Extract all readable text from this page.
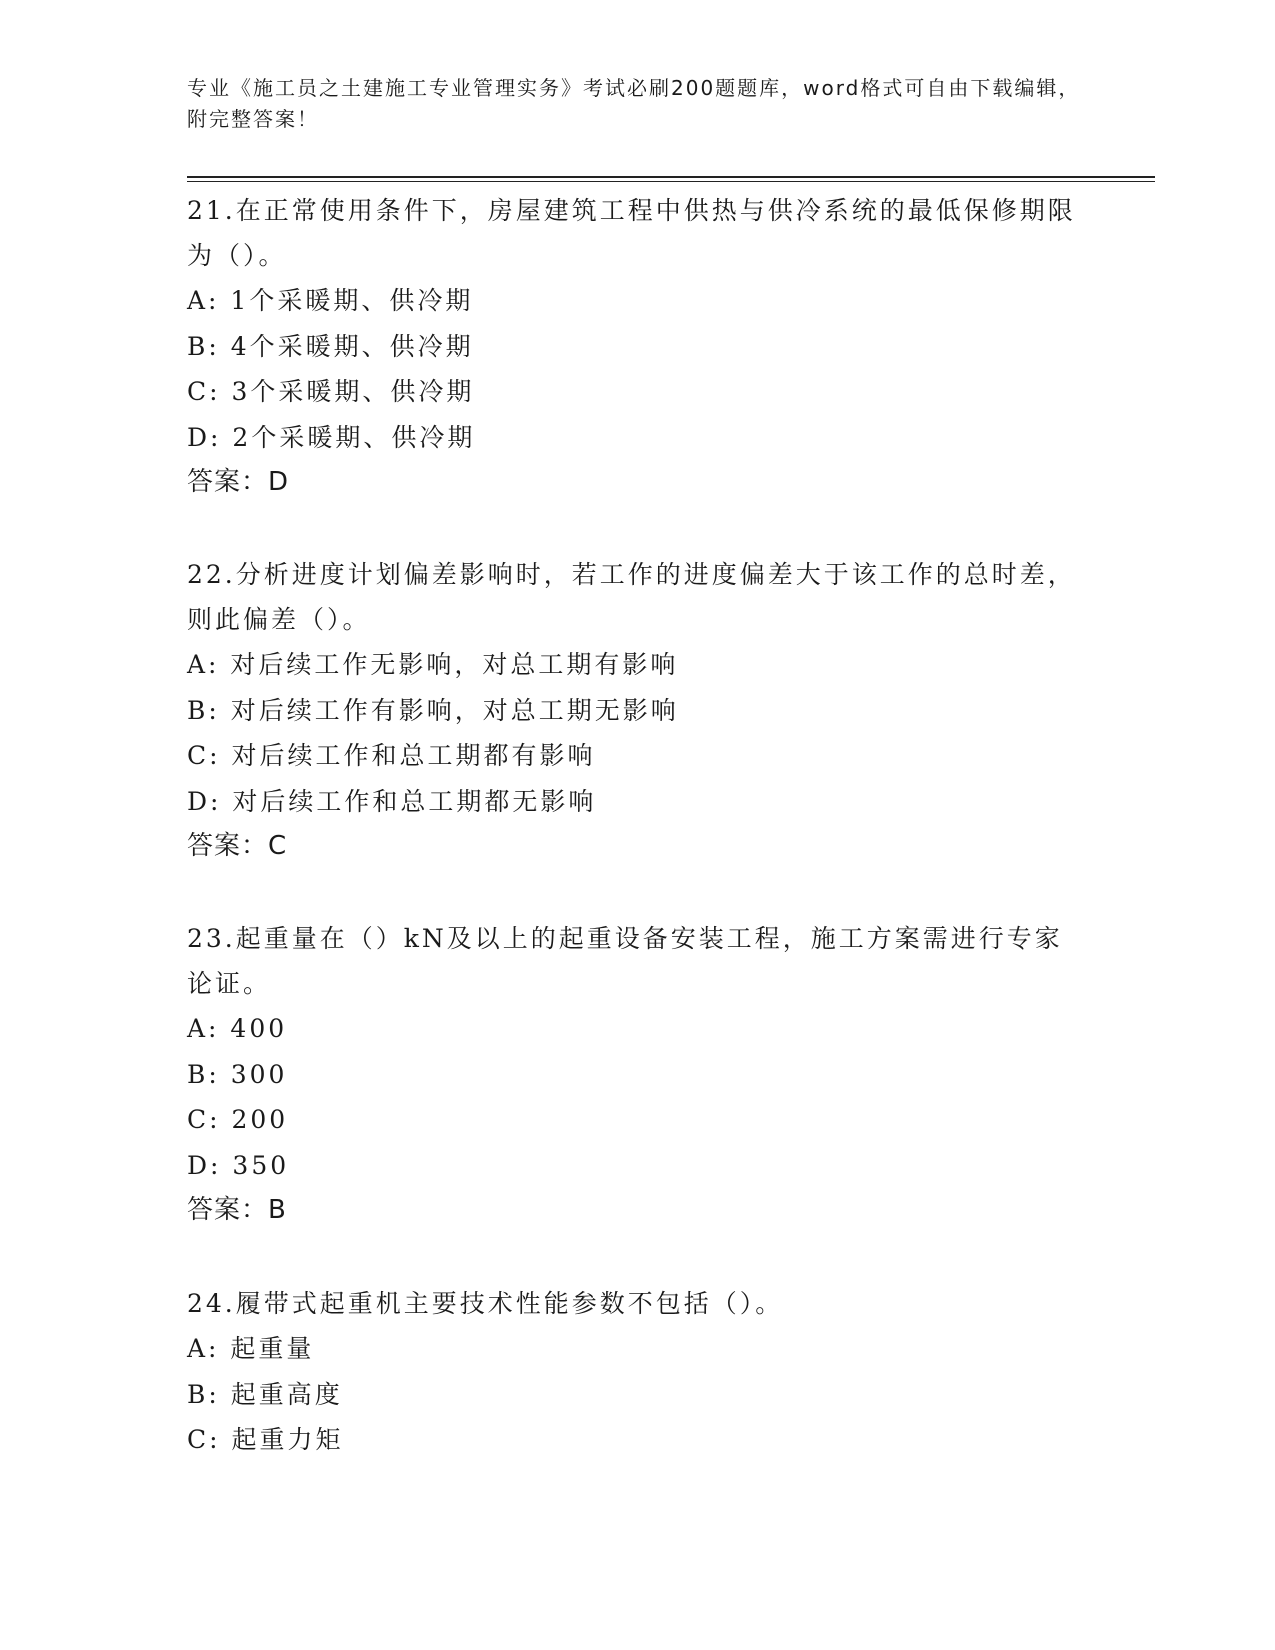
专业《施工员之土建施工专业管理实务》考试必刷200题题库，word格式可自由下载编辑，附完整答案！

21.在正常使用条件下，房屋建筑工程中供热与供冷系统的最低保修期限为（）。

A: 1个采暖期、供冷期
B: 4个采暖期、供冷期
C: 3个采暖期、供冷期
D: 2个采暖期、供冷期
答案：D

22.分析进度计划偏差影响时，若工作的进度偏差大于该工作的总时差，则此偏差（）。

A: 对后续工作无影响，对总工期有影响
B: 对后续工作有影响，对总工期无影响
C: 对后续工作和总工期都有影响
D: 对后续工作和总工期都无影响
答案：C

23.起重量在（）kN及以上的起重设备安装工程，施工方案需进行专家论证。

A: 400
B: 300
C: 200
D: 350
答案：B

24.履带式起重机主要技术性能参数不包括（）。

A: 起重量
B: 起重高度
C: 起重力矩
